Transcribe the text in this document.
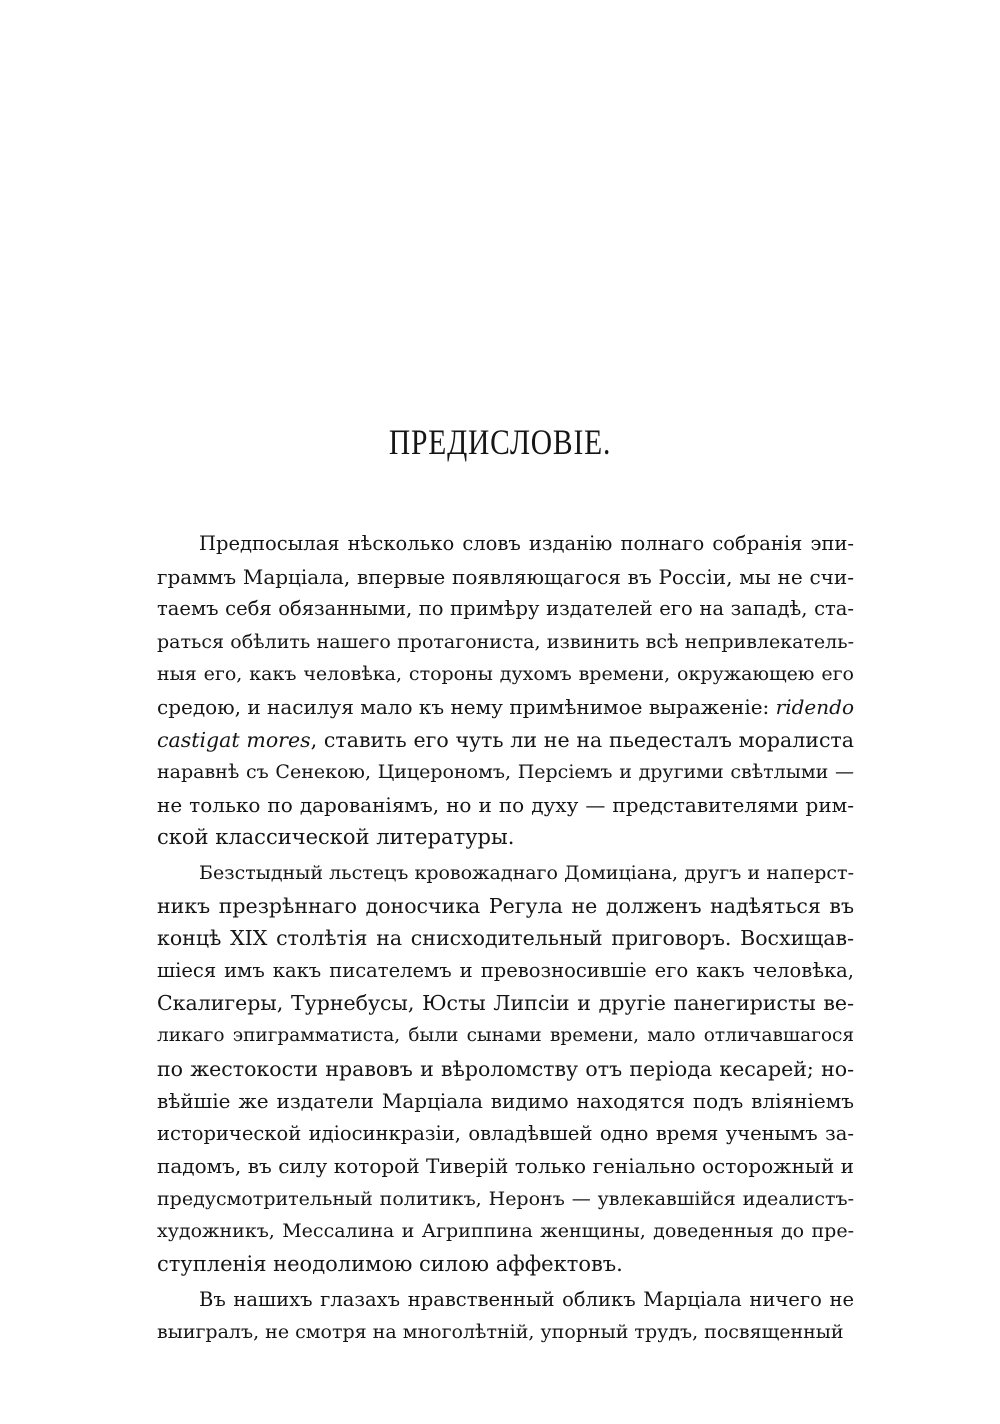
ПРЕДИСЛОВІЕ.
Предпосылая нѣсколько словъ изданію полнаго собранія эпи-
граммъ Марціала, впервые появляющагося въ Россіи, мы не счи-
таемъ себя обязанными, по примѣру издателей его на западѣ, ста-
раться обѣлить нашего протагониста, извинить всѣ непривлекатель-
ныя его, какъ человѣка, стороны духомъ времени, окружающею его
средою, и насилуя мало къ нему примѣнимое выраженіе: ridendo
castigat mores, ставить его чуть ли не на пьедесталъ моралиста
наравнѣ съ Сенекою, Цицерономъ, Персіемъ и другими свѣтлыми —
не только по дарованіямъ, но и по духу — представителями рим-
ской классической литературы.
Безстыдный льстецъ кровожаднаго Домиціана, другъ и наперст-
никъ презрѣннаго доносчика Регула не долженъ надѣяться въ
концѣ XIX столѣтія на снисходительный приговоръ. Восхищав-
шіеся имъ какъ писателемъ и превозносившіе его какъ человѣка,
Скалигеры, Турнебусы, Юсты Липсіи и другіе панегиристы ве-
ликаго эпиграмматиста, были сынами времени, мало отличавшагося
по жестокости нравовъ и вѣроломству отъ періода кесарей; но-
вѣйшіе же издатели Марціала видимо находятся подъ вліяніемъ
исторической идіосинкразіи, овладѣвшей одно время ученымъ за-
падомъ, въ силу которой Тиверій только геніально осторожный и
предусмотрительный политикъ, Неронъ — увлекавшійся идеалистъ-
художникъ, Мессалина и Агриппина женщины, доведенныя до пре-
ступленія неодолимою силою аффектовъ.
Въ нашихъ глазахъ нравственный обликъ Марціала ничего не
выигралъ, не смотря на многолѣтній, упорный трудъ, посвященный
